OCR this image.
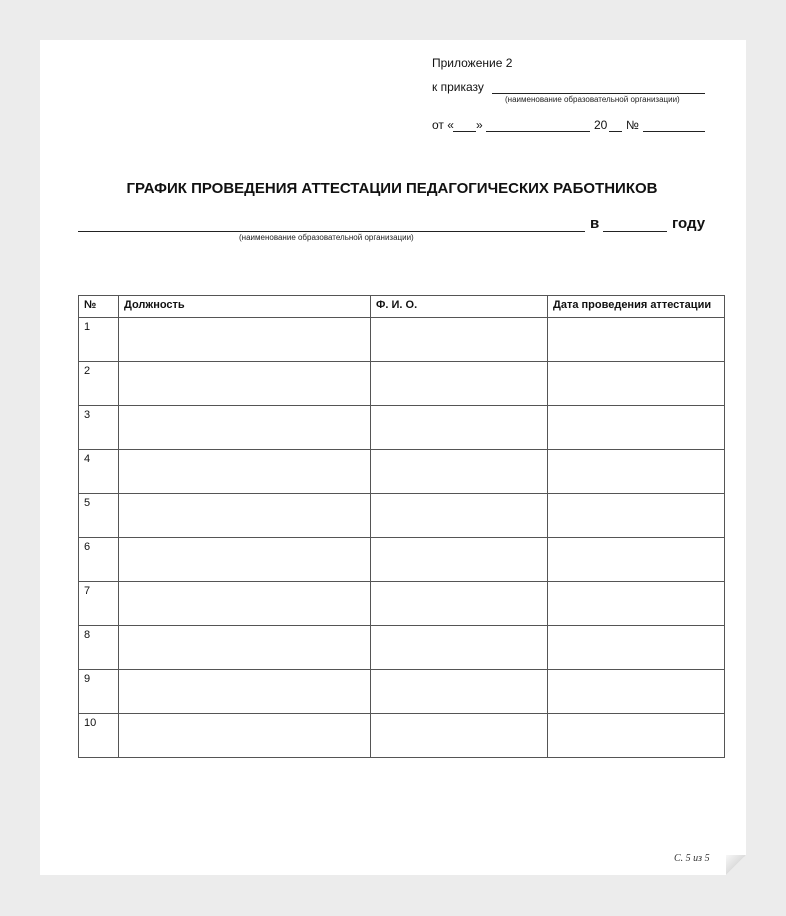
Приложение 2
к приказу
(наименование образовательной организации)
от « »	20 №
ГРАФИК ПРОВЕДЕНИЯ АТТЕСТАЦИИ ПЕДАГОГИЧЕСКИХ РАБОТНИКОВ
в	году
(наименование образовательной организации)
№	Должность	Ф. И. О.	Дата проведения аттестации
1			
2			
3			
4			
5			
6			
7			
8			
9			
10			
С. 5 из 5
